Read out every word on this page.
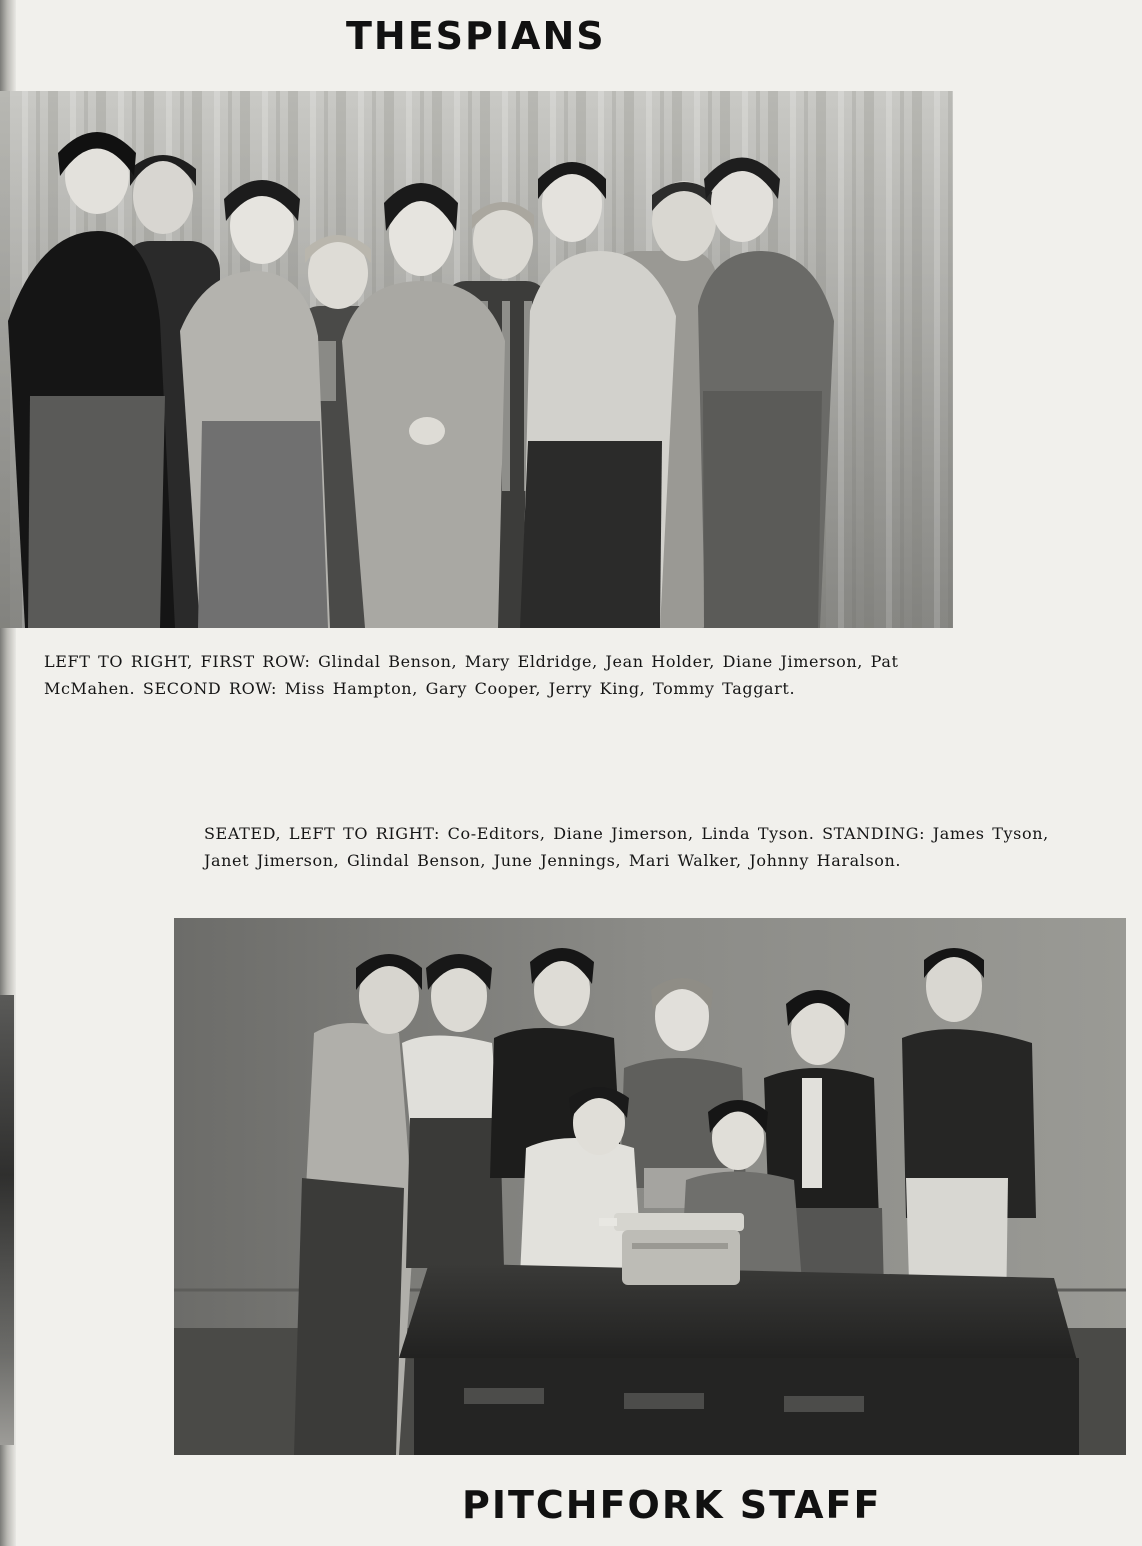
THESPIANS

LEFT TO RIGHT, FIRST ROW: Glindal Benson, Mary Eldridge, Jean Holder, Diane Jimerson, Pat McMahen. SECOND ROW: Miss Hampton, Gary Cooper, Jerry King, Tommy Taggart.

SEATED, LEFT TO RIGHT: Co-Editors, Diane Jimerson, Linda Tyson. STANDING: James Tyson, Janet Jimerson, Glindal Benson, June Jennings, Mari Walker, Johnny Haralson.

PITCHFORK STAFF
